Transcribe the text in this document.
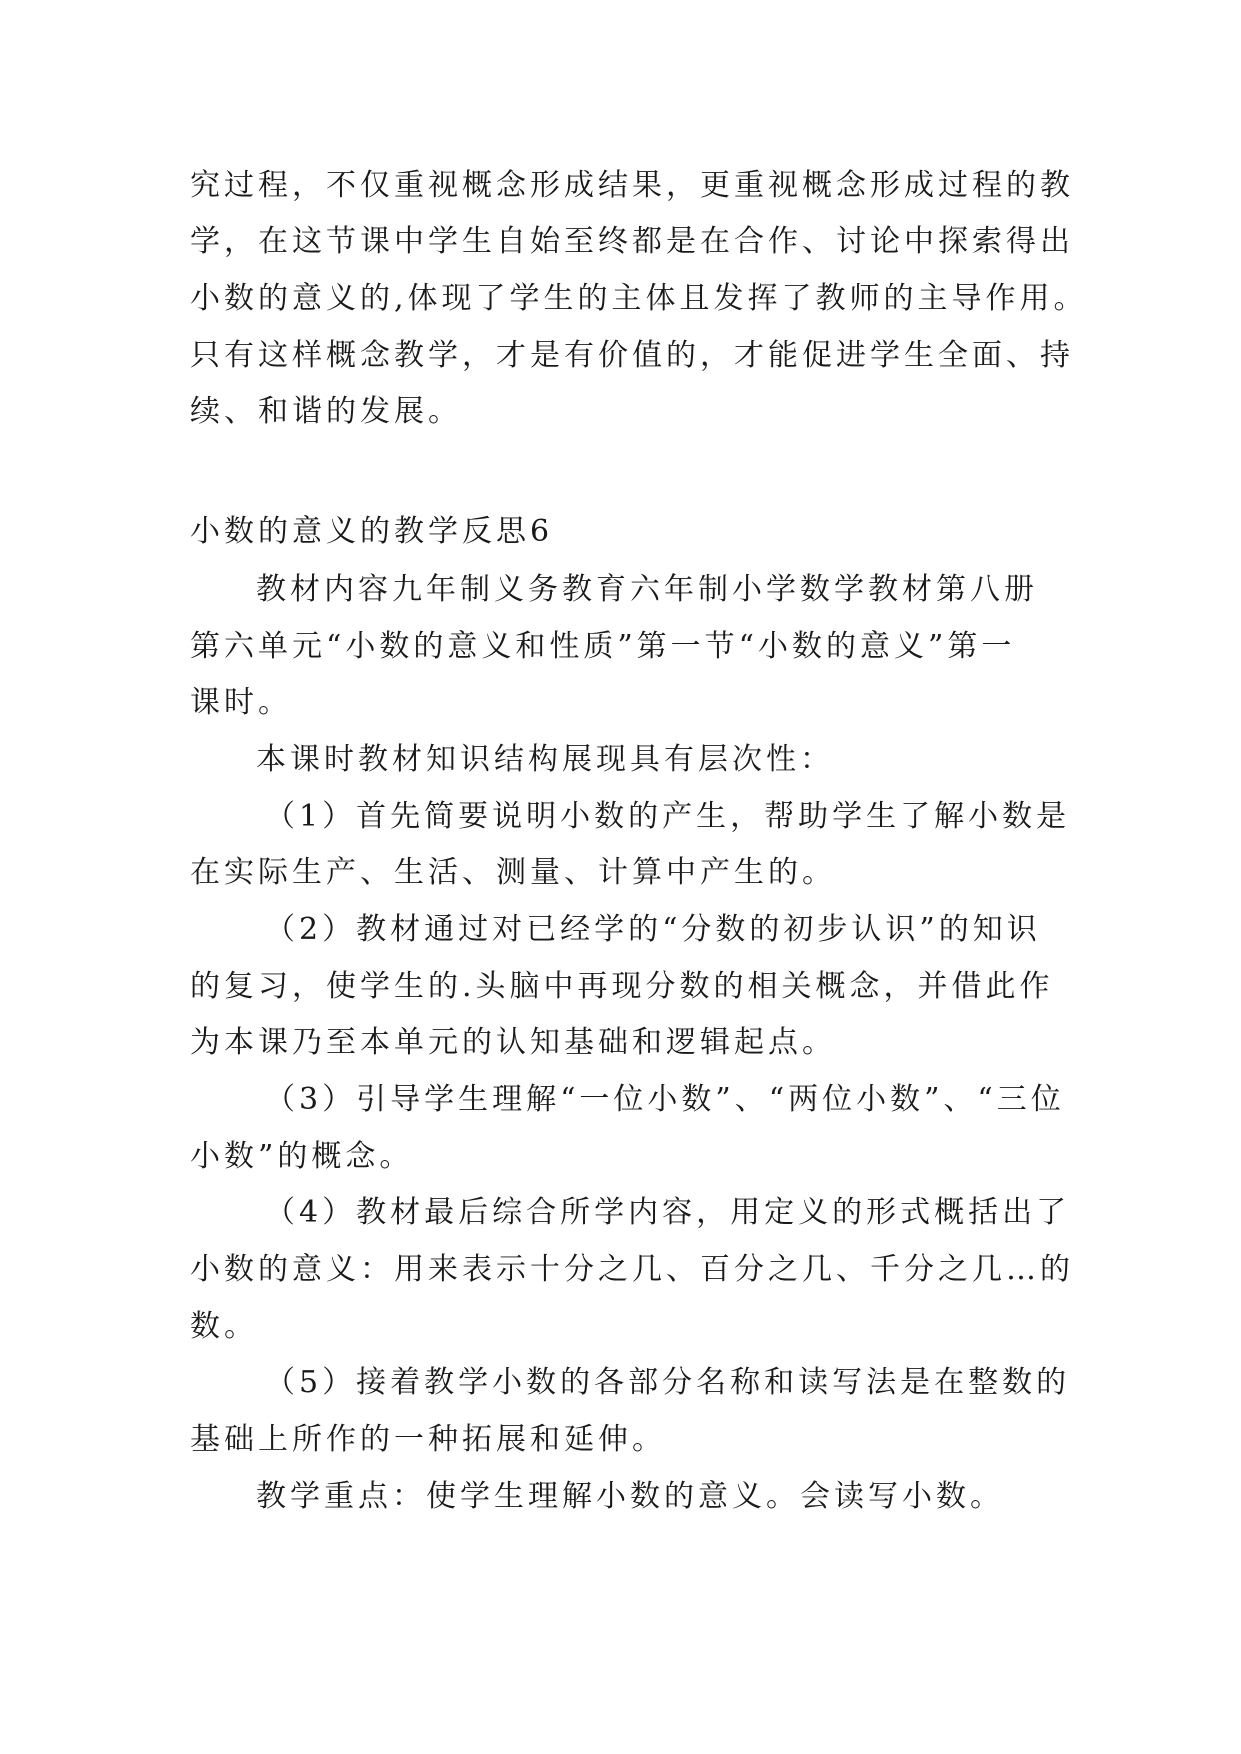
究过程，不仅重视概念形成结果，更重视概念形成过程的教
学，在这节课中学生自始至终都是在合作、讨论中探索得出
小数的意义的,体现了学生的主体且发挥了教师的主导作用。
只有这样概念教学，才是有价值的，才能促进学生全面、持
续、和谐的发展。
小数的意义的教学反思6
教材内容九年制义务教育六年制小学数学教材第八册
第六单元“小数的意义和性质”第一节“小数的意义”第一
课时。
本课时教材知识结构展现具有层次性：
（1）首先简要说明小数的产生，帮助学生了解小数是
在实际生产、生活、测量、计算中产生的。
（2）教材通过对已经学的“分数的初步认识”的知识
的复习，使学生的.头脑中再现分数的相关概念，并借此作
为本课乃至本单元的认知基础和逻辑起点。
（3）引导学生理解“一位小数”、“两位小数”、“三位
小数”的概念。
（4）教材最后综合所学内容，用定义的形式概括出了
小数的意义：用来表示十分之几、百分之几、千分之几…的
数。
（5）接着教学小数的各部分名称和读写法是在整数的
基础上所作的一种拓展和延伸。
教学重点：使学生理解小数的意义。会读写小数。
